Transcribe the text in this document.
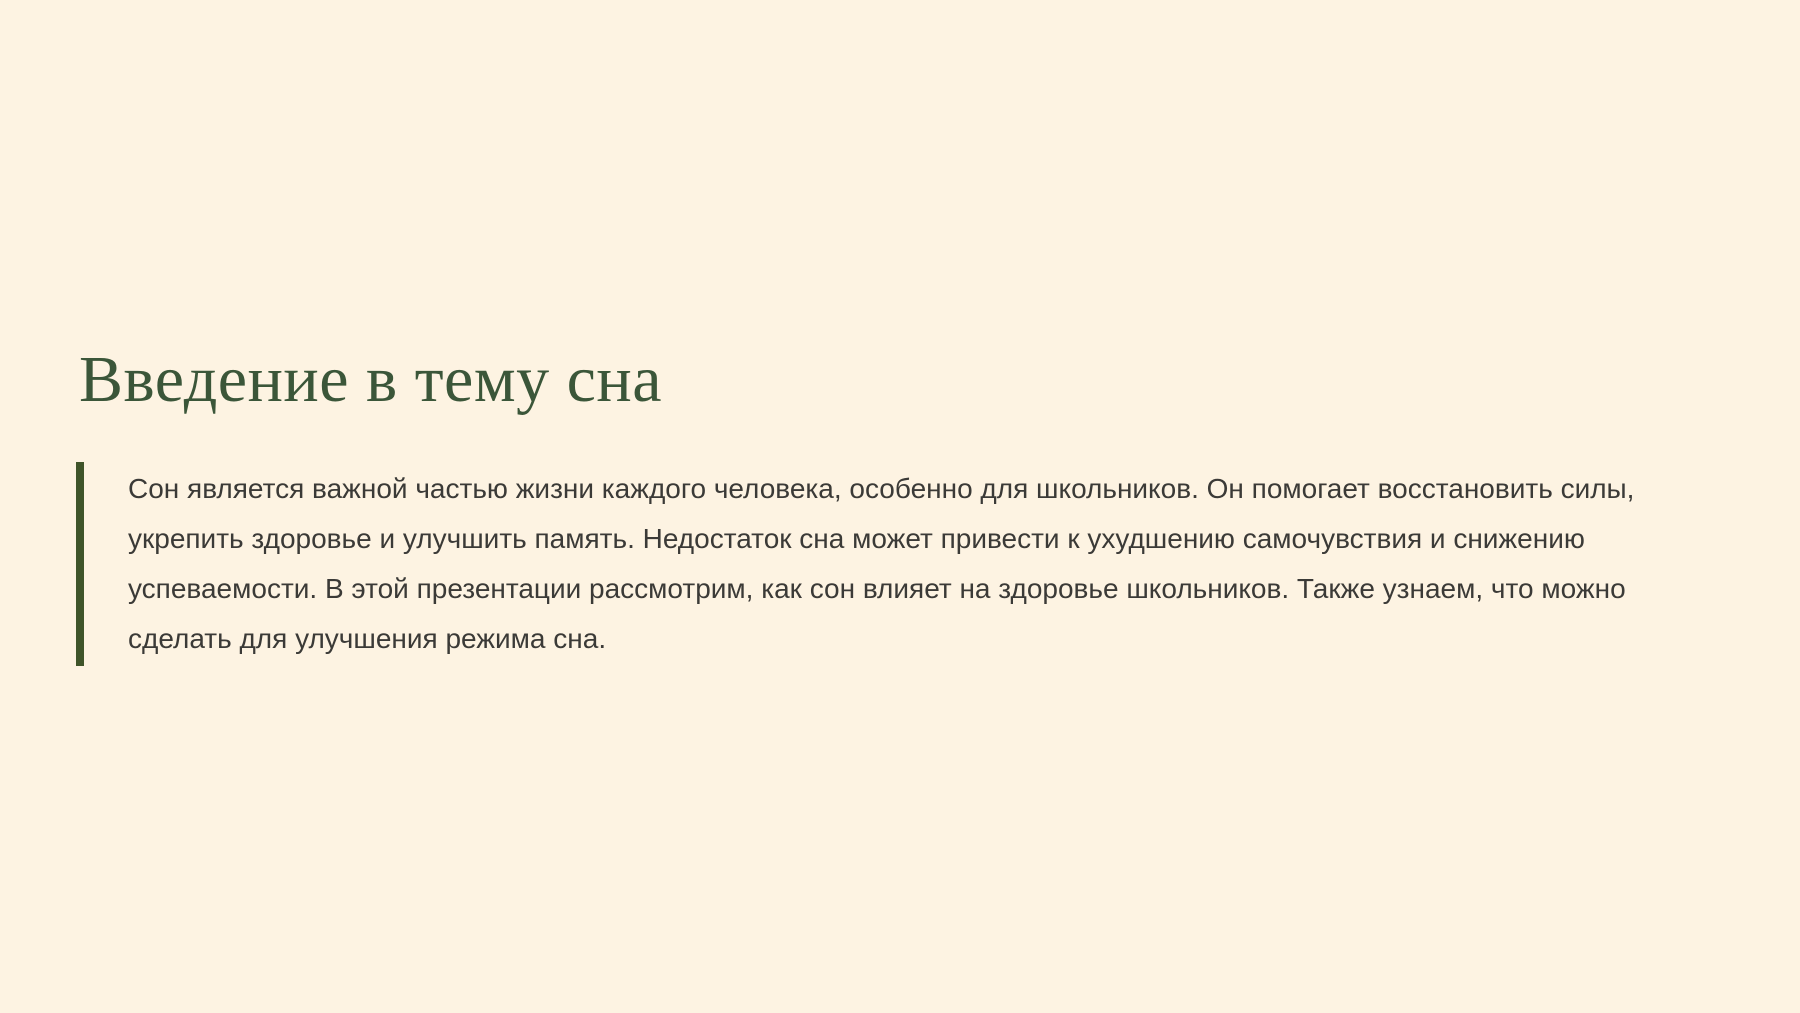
Введение в тему сна

Сон является важной частью жизни каждого человека, особенно для школьников. Он помогает восстановить силы, укрепить здоровье и улучшить память. Недостаток сна может привести к ухудшению самочувствия и снижению успеваемости. В этой презентации рассмотрим, как сон влияет на здоровье школьников. Также узнаем, что можно сделать для улучшения режима сна.
